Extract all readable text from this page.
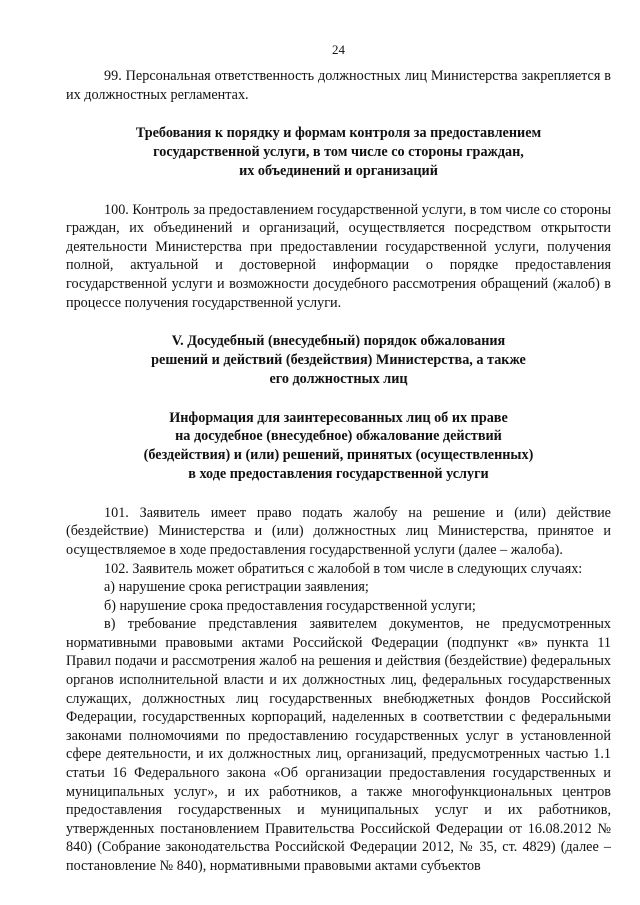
24

99. Персональная ответственность должностных лиц Министерства закрепляется в их должностных регламентах.

Требования к порядку и формам контроля за предоставлением
государственной услуги, в том числе со стороны граждан,
их объединений и организаций

100. Контроль за предоставлением государственной услуги, в том числе со стороны граждан, их объединений и организаций, осуществляется посредством открытости деятельности Министерства при предоставлении государственной услуги, получения полной, актуальной и достоверной информации о порядке предоставления государственной услуги и возможности досудебного рассмотрения обращений (жалоб) в процессе получения государственной услуги.

V. Досудебный (внесудебный) порядок обжалования
решений и действий (бездействия) Министерства, а также
его должностных лиц
Информация для заинтересованных лиц об их праве
на досудебное (внесудебное) обжалование действий
(бездействия) и (или) решений, принятых (осуществленных)
в ходе предоставления государственной услуги

101. Заявитель имеет право подать жалобу на решение и (или) действие (бездействие) Министерства и (или) должностных лиц Министерства, принятое и осуществляемое в ходе предоставления государственной услуги (далее – жалоба).

102. Заявитель может обратиться с жалобой в том числе в следующих случаях:

а) нарушение срока регистрации заявления;

б) нарушение срока предоставления государственной услуги;

в) требование представления заявителем документов, не предусмотренных нормативными правовыми актами Российской Федерации (подпункт «в» пункта 11 Правил подачи и рассмотрения жалоб на решения и действия (бездействие) федеральных органов исполнительной власти и их должностных лиц, федеральных государственных служащих, должностных лиц государственных внебюджетных фондов Российской Федерации, государственных корпораций, наделенных в соответствии с федеральными законами полномочиями по предоставлению государственных услуг в установленной сфере деятельности, и их должностных лиц, организаций, предусмотренных частью 1.1 статьи 16 Федерального закона «Об организации предоставления государственных и муниципальных услуг», и их работников, а также многофункциональных центров предоставления государственных и муниципальных услуг и их работников, утвержденных постановлением Правительства Российской Федерации от 16.08.2012 № 840) (Собрание законодательства Российской Федерации 2012, № 35, ст. 4829) (далее – постановление № 840), нормативными правовыми актами субъектов
